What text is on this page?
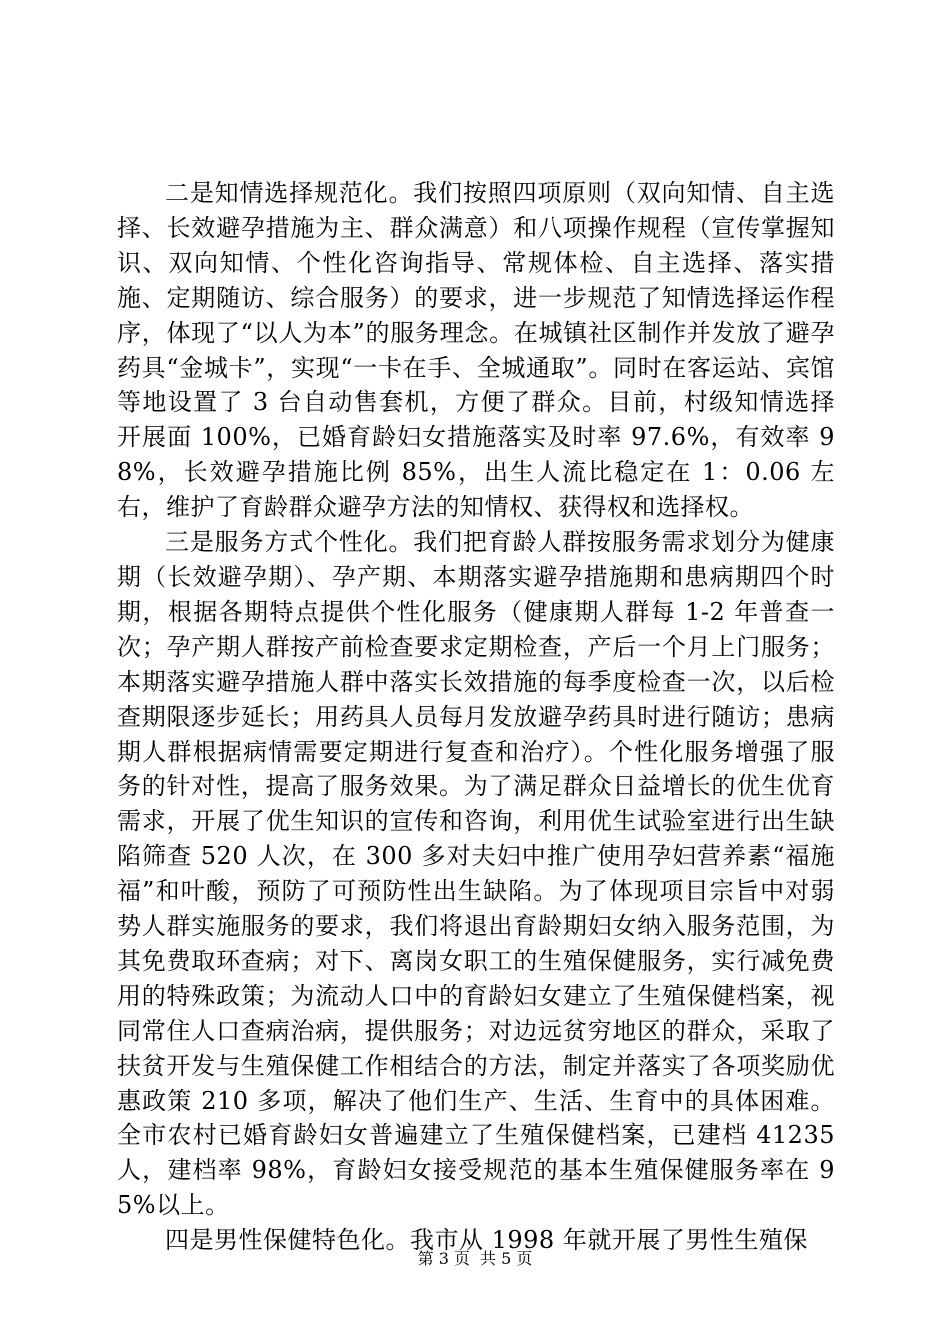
二是知情选择规范化。我们按照四项原则（双向知情、自主选择、长效避孕措施为主、群众满意）和八项操作规程（宣传掌握知识、双向知情、个性化咨询指导、常规体检、自主选择、落实措施、定期随访、综合服务）的要求，进一步规范了知情选择运作程序，体现了“以人为本”的服务理念。在城镇社区制作并发放了避孕药具“金城卡”，实现“一卡在手、全城通取”。同时在客运站、宾馆等地设置了 3 台自动售套机，方便了群众。目前，村级知情选择开展面 100%，已婚育龄妇女措施落实及时率 97.6%，有效率 98%，长效避孕措施比例 85%，出生人流比稳定在 1：0.06 左右，维护了育龄群众避孕方法的知情权、获得权和选择权。

三是服务方式个性化。我们把育龄人群按服务需求划分为健康期（长效避孕期）、孕产期、本期落实避孕措施期和患病期四个时期，根据各期特点提供个性化服务（健康期人群每 1-2 年普查一次；孕产期人群按产前检查要求定期检查，产后一个月上门服务；本期落实避孕措施人群中落实长效措施的每季度检查一次，以后检查期限逐步延长；用药具人员每月发放避孕药具时进行随访；患病期人群根据病情需要定期进行复查和治疗）。个性化服务增强了服务的针对性，提高了服务效果。为了满足群众日益增长的优生优育需求，开展了优生知识的宣传和咨询，利用优生试验室进行出生缺陷筛查 520 人次，在 300 多对夫妇中推广使用孕妇营养素“福施福”和叶酸，预防了可预防性出生缺陷。为了体现项目宗旨中对弱势人群实施服务的要求，我们将退出育龄期妇女纳入服务范围，为其免费取环查病；对下、离岗女职工的生殖保健服务，实行减免费用的特殊政策；为流动人口中的育龄妇女建立了生殖保健档案，视同常住人口查病治病，提供服务；对边远贫穷地区的群众，采取了扶贫开发与生殖保健工作相结合的方法，制定并落实了各项奖励优惠政策 210 多项，解决了他们生产、生活、生育中的具体困难。全市农村已婚育龄妇女普遍建立了生殖保健档案，已建档 41235 人，建档率 98%，育龄妇女接受规范的基本生殖保健服务率在 95%以上。

四是男性保健特色化。我市从 1998 年就开展了男性生殖保

第 3 页 共 5 页
